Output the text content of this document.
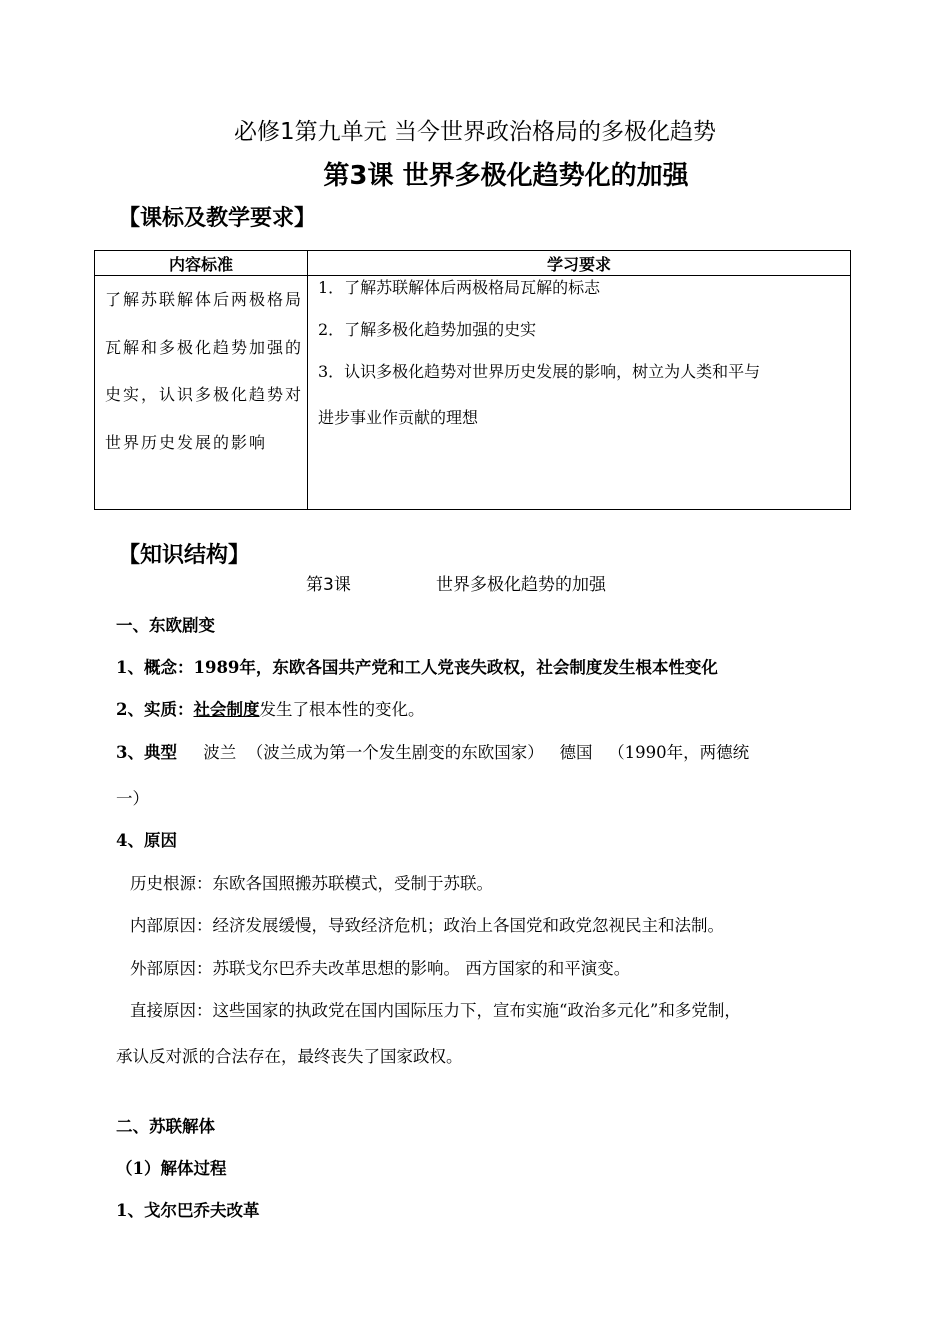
必修1第九单元 当今世界政治格局的多极化趋势
第3课 世界多极化趋势化的加强
【课标及教学要求】
内容标准	学习要求
了解苏联解体后两极格局瓦解和多极化趋势加强的史实，认识多极化趋势对世界历史发展的影响	1．了解苏联解体后两极格局瓦解的标志
2．了解多极化趋势加强的史实
3．认识多极化趋势对世界历史发展的影响，树立为人类和平与
进步事业作贡献的理想
【知识结构】
第3课	世界多极化趋势的加强
一、东欧剧变
1、概念：1989年，东欧各国共产党和工人党丧失政权，社会制度发生根本性变化
2、实质：社会制度发生了根本性的变化。
3、典型 波兰  （波兰成为第一个发生剧变的东欧国家）   德国   （1990年，两德统
一）
4、原因
历史根源：东欧各国照搬苏联模式，受制于苏联。
内部原因：经济发展缓慢，导致经济危机；政治上各国党和政党忽视民主和法制。
外部原因：苏联戈尔巴乔夫改革思想的影响。 西方国家的和平演变。
直接原因：这些国家的执政党在国内国际压力下，宣布实施“政治多元化”和多党制，
承认反对派的合法存在，最终丧失了国家政权。
二、苏联解体
（1）解体过程
1、戈尔巴乔夫改革
